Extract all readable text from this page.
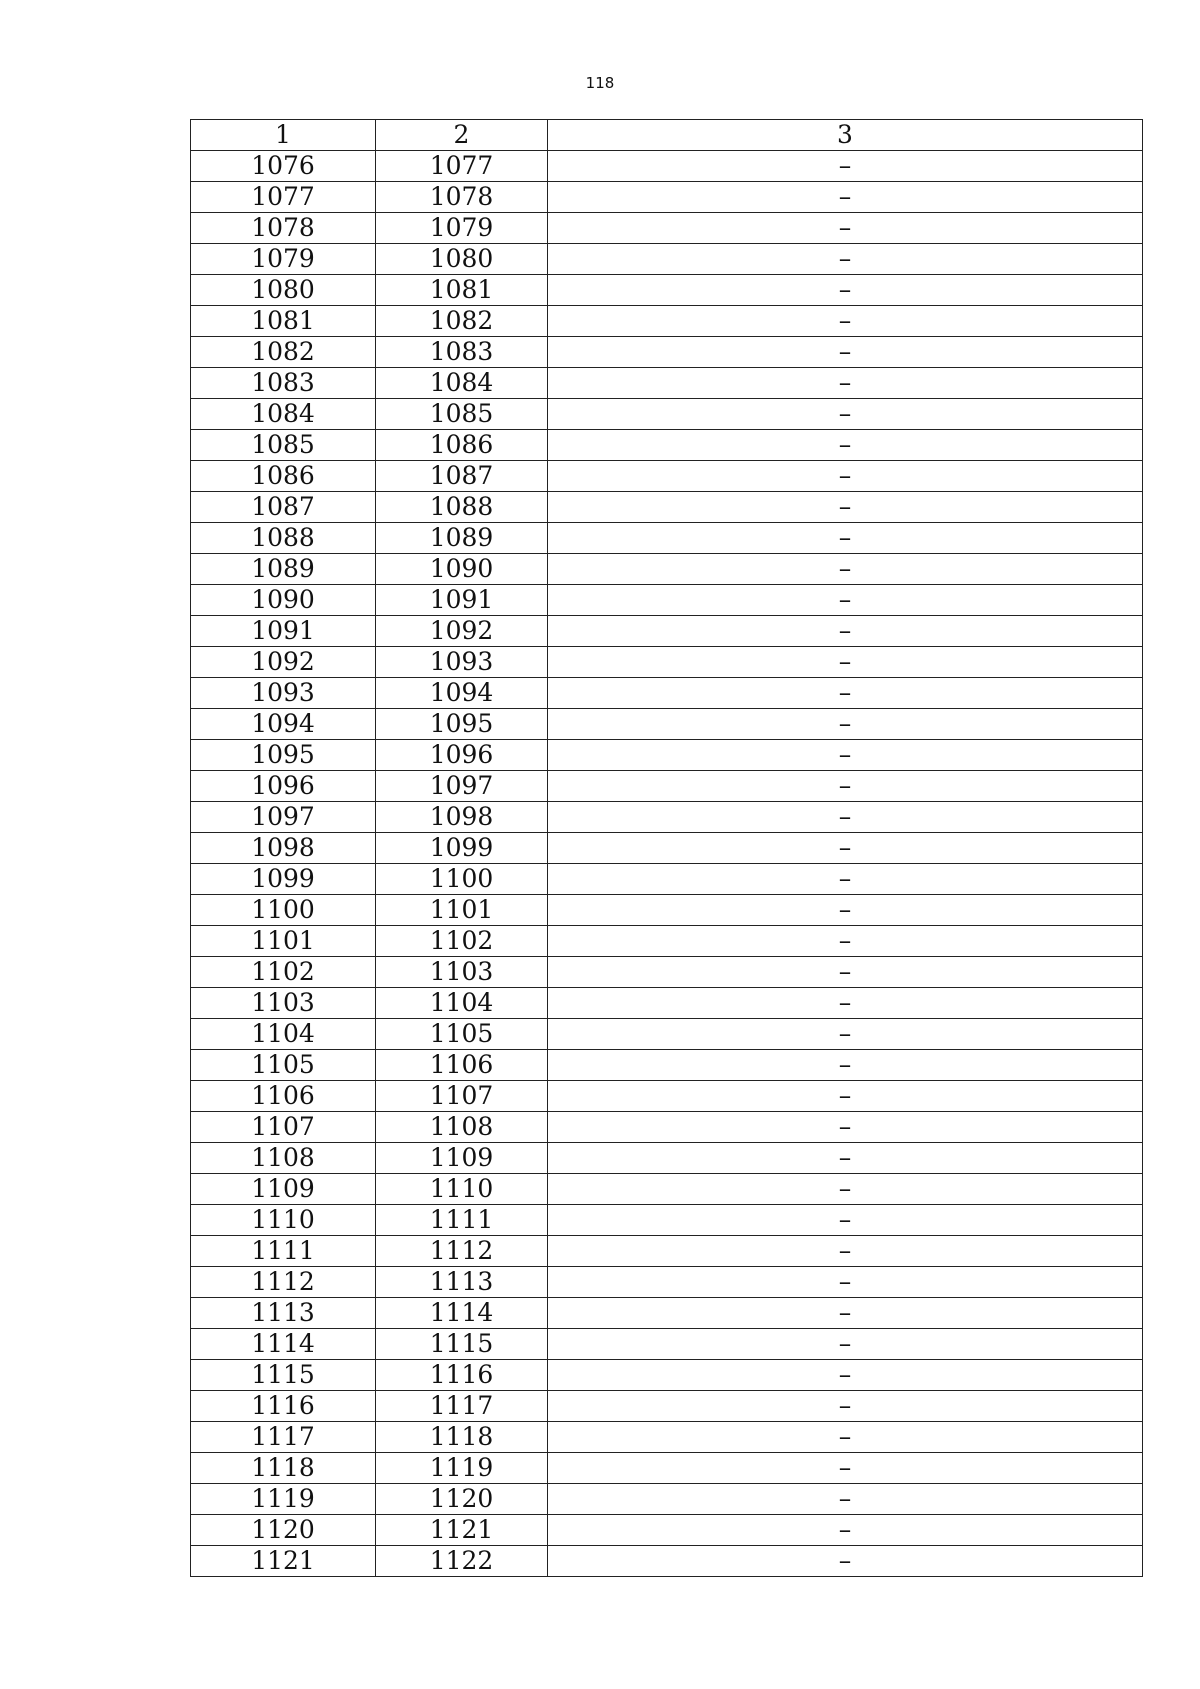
118
1	2	3
1076	1077	–
1077	1078	–
1078	1079	–
1079	1080	–
1080	1081	–
1081	1082	–
1082	1083	–
1083	1084	–
1084	1085	–
1085	1086	–
1086	1087	–
1087	1088	–
1088	1089	–
1089	1090	–
1090	1091	–
1091	1092	–
1092	1093	–
1093	1094	–
1094	1095	–
1095	1096	–
1096	1097	–
1097	1098	–
1098	1099	–
1099	1100	–
1100	1101	–
1101	1102	–
1102	1103	–
1103	1104	–
1104	1105	–
1105	1106	–
1106	1107	–
1107	1108	–
1108	1109	–
1109	1110	–
1110	1111	–
1111	1112	–
1112	1113	–
1113	1114	–
1114	1115	–
1115	1116	–
1116	1117	–
1117	1118	–
1118	1119	–
1119	1120	–
1120	1121	–
1121	1122	–
